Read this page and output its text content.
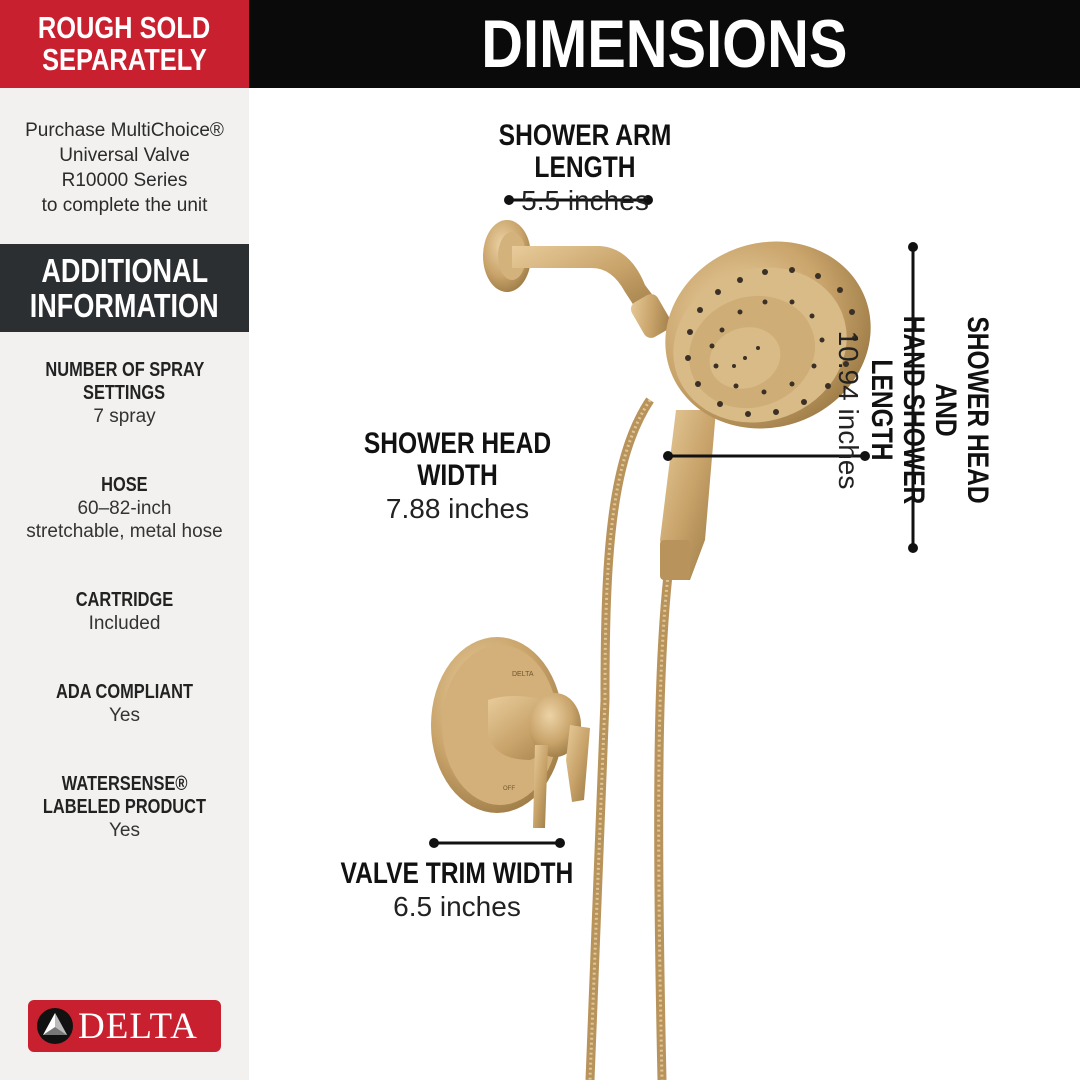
ROUGH SOLD
SEPARATELY
Purchase MultiChoice®
Universal Valve
R10000 Series
to complete the unit
ADDITIONAL
INFORMATION
NUMBER OF SPRAY
SETTINGS
7 spray
HOSE
60–82-inch
stretchable, metal hose
CARTRIDGE
Included
ADA COMPLIANT
Yes
WATERSENSE®
LABELED PRODUCT
Yes
DELTA
DIMENSIONS
DELTA
OFF
SHOWER ARM LENGTH
5.5 inches
SHOWER HEAD WIDTH
7.88 inches
VALVE TRIM WIDTH
6.5 inches
SHOWER HEAD AND
HAND SHOWER LENGTH
10.94 inches
